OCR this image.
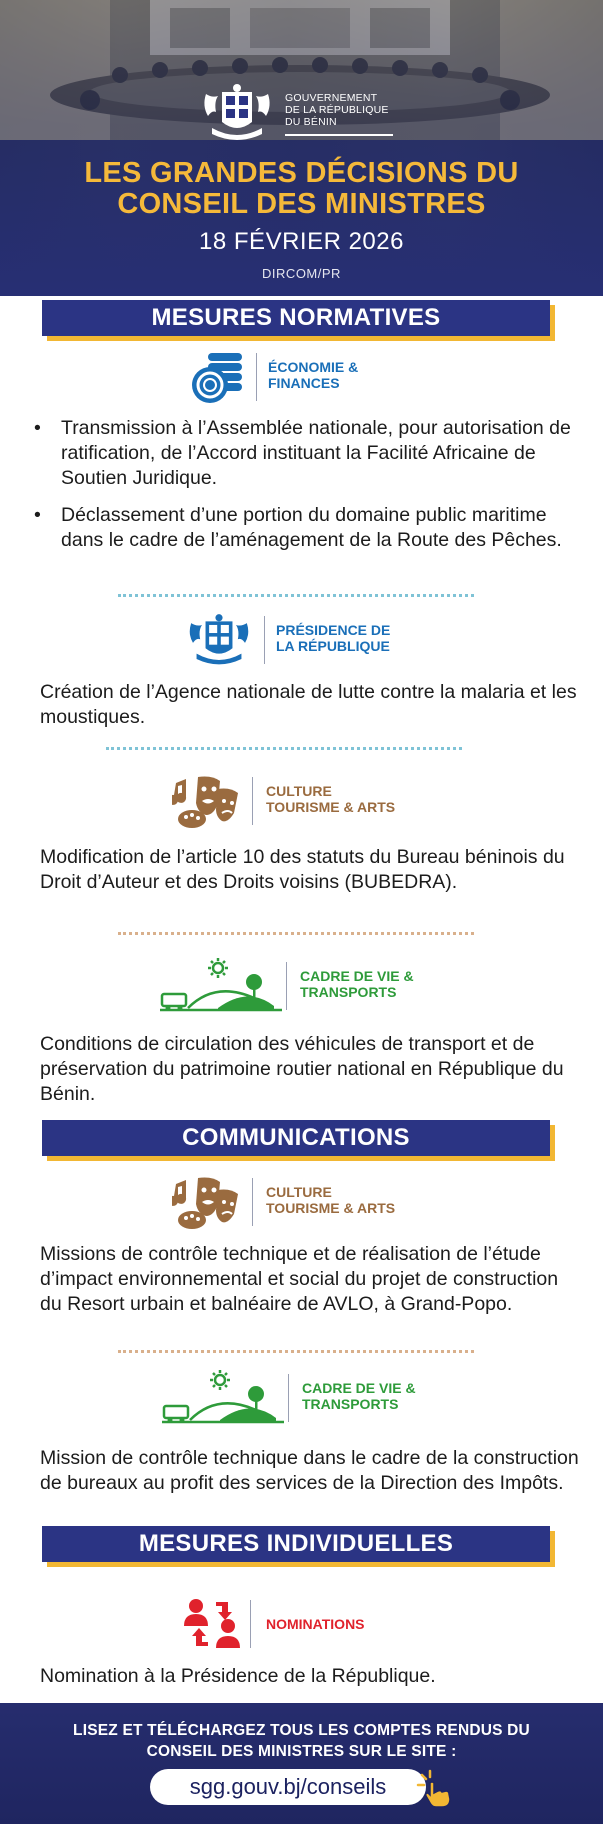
GOUVERNEMENT
DE LA RÉPUBLIQUE
DU BÉNIN
LES GRANDES DÉCISIONS DU
CONSEIL DES MINISTRES
18 FÉVRIER 2026
DIRCOM/PR
MESURES NORMATIVES
ÉCONOMIE &
FINANCES
• Transmission à l’Assemblée nationale, pour autorisation de ratification, de l’Accord instituant la Facilité Africaine de Soutien Juridique.
• Déclassement d’une portion du domaine public maritime dans le cadre de l’aménagement de la Route des Pêches.
PRÉSIDENCE DE
LA RÉPUBLIQUE
Création de l’Agence nationale de lutte contre la malaria et les moustiques.
CULTURE
TOURISME & ARTS
Modification de l’article 10 des statuts du Bureau béninois du Droit d’Auteur et des Droits voisins (BUBEDRA).
CADRE DE VIE &
TRANSPORTS
Conditions de circulation des véhicules de transport et de préservation du patrimoine routier national en République du Bénin.
COMMUNICATIONS
CULTURE
TOURISME & ARTS
Missions de contrôle technique et de réalisation de l’étude d’impact environnemental et social du projet de construction du Resort urbain et balnéaire de AVLO, à Grand-Popo.
CADRE DE VIE &
TRANSPORTS
Mission de contrôle technique dans le cadre de la construction de bureaux au profit des services de la Direction des Impôts.
MESURES INDIVIDUELLES
NOMINATIONS
Nomination à la Présidence de la République.
LISEZ ET TÉLÉCHARGEZ TOUS LES COMPTES RENDUS DU
CONSEIL DES MINISTRES SUR LE SITE :
sgg.gouv.bj/conseils
